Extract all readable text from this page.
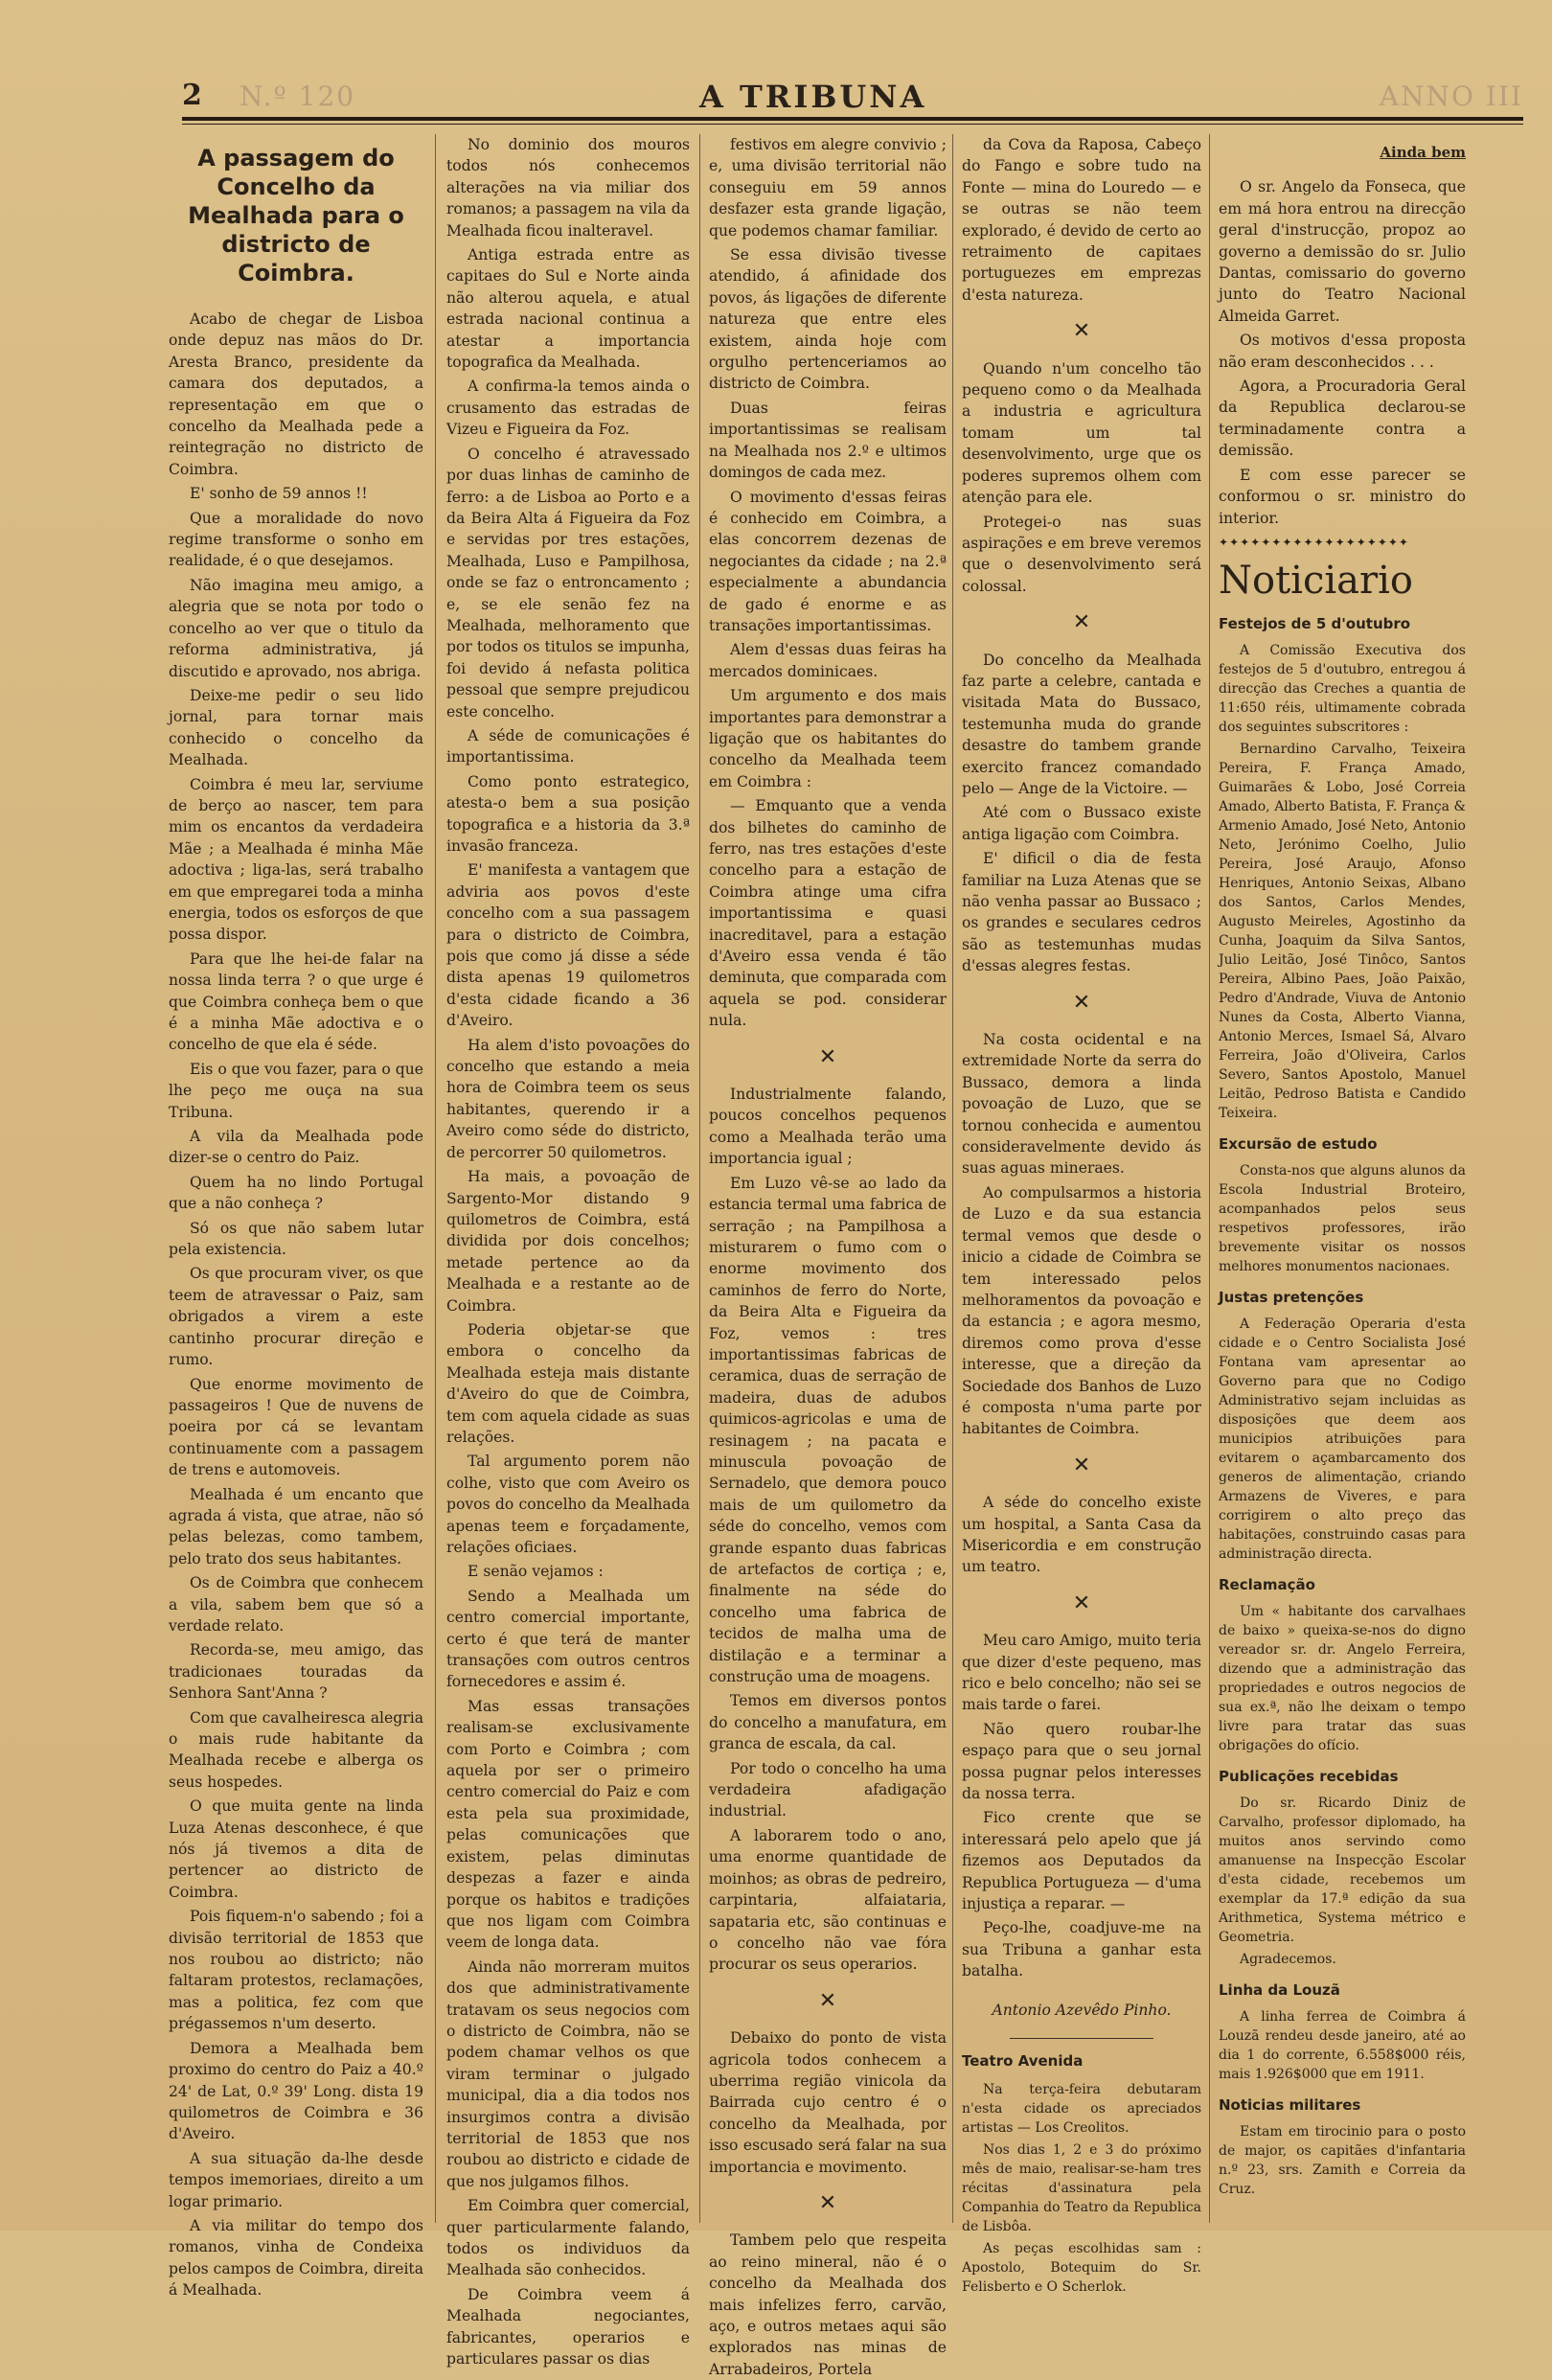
2 N.º 120	A TRIBUNA	ANNO III
A passagem do Concelho da Mealhada para o districto de Coimbra.

Acabo de chegar de Lisboa onde depuz nas mãos do Dr. Aresta Branco, presidente da camara dos deputados, a representação em que o concelho da Mealhada pede a reintegração no districto de Coimbra.

E' sonho de 59 annos !!

Que a moralidade do novo regime transforme o sonho em realidade, é o que desejamos.

Não imagina meu amigo, a alegria que se nota por todo o concelho ao ver que o titulo da reforma administrativa, já discutido e aprovado, nos abriga.

Deixe-me pedir o seu lido jornal, para tornar mais conhecido o concelho da Mealhada.

Coimbra é meu lar, serviume de berço ao nascer, tem para mim os encantos da verdadeira Mãe ; a Mealhada é minha Mãe adoctiva ; liga-las, será trabalho em que empregarei toda a minha energia, todos os esforços de que possa dispor.

Para que lhe hei-de falar na nossa linda terra ? o que urge é que Coimbra conheça bem o que é a minha Mãe adoctiva e o concelho de que ela é séde.

Eis o que vou fazer, para o que lhe peço me ouça na sua Tribuna.

A vila da Mealhada pode dizer-se o centro do Paiz.

Quem ha no lindo Portugal que a não conheça ?

Só os que não sabem lutar pela existencia.

Os que procuram viver, os que teem de atravessar o Paiz, sam obrigados a virem a este cantinho procurar direção e rumo.

Que enorme movimento de passageiros ! Que de nuvens de poeira por cá se levantam continuamente com a passagem de trens e automoveis.

Mealhada é um encanto que agrada á vista, que atrae, não só pelas belezas, como tambem, pelo trato dos seus habitantes.

Os de Coimbra que conhecem a vila, sabem bem que só a verdade relato.

Recorda-se, meu amigo, das tradicionaes touradas da Senhora Sant'Anna ?

Com que cavalheiresca alegria o mais rude habitante da Mealhada recebe e alberga os seus hospedes.

O que muita gente na linda Luza Atenas desconhece, é que nós já tivemos a dita de pertencer ao districto de Coimbra.

Pois fiquem-n'o sabendo ; foi a divisão territorial de 1853 que nos roubou ao districto; não faltaram protestos, reclamações, mas a politica, fez com que prégassemos n'um deserto.

Demora a Mealhada bem proximo do centro do Paiz a 40.º 24' de Lat, 0.º 39' Long. dista 19 quilometros de Coimbra e 36 d'Aveiro.

A sua situação da-lhe desde tempos imemoriaes, direito a um logar primario.

A via militar do tempo dos romanos, vinha de Condeixa pelos campos de Coimbra, direita á Mealhada.

No dominio dos mouros todos nós conhecemos alterações na via miliar dos romanos; a passagem na vila da Mealhada ficou inalteravel.

Antiga estrada entre as capitaes do Sul e Norte ainda não alterou aquela, e atual estrada nacional continua a atestar a importancia topografica da Mealhada.

A confirma-la temos ainda o crusamento das estradas de Vizeu e Figueira da Foz.

O concelho é atravessado por duas linhas de caminho de ferro: a de Lisboa ao Porto e a da Beira Alta á Figueira da Foz e servidas por tres estações, Mealhada, Luso e Pampilhosa, onde se faz o entroncamento ; e, se ele senão fez na Mealhada, melhoramento que por todos os titulos se impunha, foi devido á nefasta politica pessoal que sempre prejudicou este concelho.

A séde de comunicações é importantissima.

Como ponto estrategico, atesta-o bem a sua posição topografica e a historia da 3.ª invasão franceza.

E' manifesta a vantagem que adviria aos povos d'este concelho com a sua passagem para o districto de Coimbra, pois que como já disse a séde dista apenas 19 quilometros d'esta cidade ficando a 36 d'Aveiro.

Ha alem d'isto povoações do concelho que estando a meia hora de Coimbra teem os seus habitantes, querendo ir a Aveiro como séde do districto, de percorrer 50 quilometros.

Ha mais, a povoação de Sargento-Mor distando 9 quilometros de Coimbra, está dividida por dois concelhos; metade pertence ao da Mealhada e a restante ao de Coimbra.

Poderia objetar-se que embora o concelho da Mealhada esteja mais distante d'Aveiro do que de Coimbra, tem com aquela cidade as suas relações.

Tal argumento porem não colhe, visto que com Aveiro os povos do concelho da Mealhada apenas teem e forçadamente, relações oficiaes.

E senão vejamos :

Sendo a Mealhada um centro comercial importante, certo é que terá de manter transações com outros centros fornecedores e assim é.

Mas essas transações realisam-se exclusivamente com Porto e Coimbra ; com aquela por ser o primeiro centro comercial do Paiz e com esta pela sua proximidade, pelas comunicações que existem, pelas diminutas despezas a fazer e ainda porque os habitos e tradições que nos ligam com Coimbra veem de longa data.

Ainda não morreram muitos dos que administrativamente tratavam os seus negocios com o districto de Coimbra, não se podem chamar velhos os que viram terminar o julgado municipal, dia a dia todos nos insurgimos contra a divisão territorial de 1853 que nos roubou ao districto e cidade de que nos julgamos filhos.

Em Coimbra quer comercial, quer particularmente falando, todos os individuos da Mealhada são conhecidos.

De Coimbra veem á Mealhada negociantes, fabricantes, operarios e particulares passar os dias

festivos em alegre convivio ; e, uma divisão territorial não conseguiu em 59 annos desfazer esta grande ligação, que podemos chamar familiar.

Se essa divisão tivesse atendido, á afinidade dos povos, ás ligações de diferente natureza que entre eles existem, ainda hoje com orgulho pertenceriamos ao districto de Coimbra.

Duas feiras importantissimas se realisam na Mealhada nos 2.º e ultimos domingos de cada mez.

O movimento d'essas feiras é conhecido em Coimbra, a elas concorrem dezenas de negociantes da cidade ; na 2.ª especialmente a abundancia de gado é enorme e as transações importantissimas.

Alem d'essas duas feiras ha mercados dominicaes.

Um argumento e dos mais importantes para demonstrar a ligação que os habitantes do concelho da Mealhada teem em Coimbra :

— Emquanto que a venda dos bilhetes do caminho de ferro, nas tres estações d'este concelho para a estação de Coimbra atinge uma cifra importantissima e quasi inacreditavel, para a estação d'Aveiro essa venda é tão deminuta, que comparada com aquela se pod. considerar nula.

✕

Industrialmente falando, poucos concelhos pequenos como a Mealhada terão uma importancia igual ;

Em Luzo vê-se ao lado da estancia termal uma fabrica de serração ; na Pampilhosa a misturarem o fumo com o enorme movimento dos caminhos de ferro do Norte, da Beira Alta e Figueira da Foz, vemos : tres importantissimas fabricas de ceramica, duas de serração de madeira, duas de adubos quimicos-agricolas e uma de resinagem ; na pacata e minuscula povoação de Sernadelo, que demora pouco mais de um quilometro da séde do concelho, vemos com grande espanto duas fabricas de artefactos de cortiça ; e, finalmente na séde do concelho uma fabrica de tecidos de malha uma de distilação e a terminar a construção uma de moagens.

Temos em diversos pontos do concelho a manufatura, em granca de escala, da cal.

Por todo o concelho ha uma verdadeira afadigação industrial.

A laborarem todo o ano, uma enorme quantidade de moinhos; as obras de pedreiro, carpintaria, alfaiataria, sapataria etc, são continuas e o concelho não vae fóra procurar os seus operarios.

✕

Debaixo do ponto de vista agricola todos conhecem a uberrima região vinicola da Bairrada cujo centro é o concelho da Mealhada, por isso escusado será falar na sua importancia e movimento.

✕

Tambem pelo que respeita ao reino mineral, não é o concelho da Mealhada dos mais infelizes ferro, carvão, aço, e outros metaes aqui são explorados nas minas de Arrabadeiros, Portela

da Cova da Raposa, Cabeço do Fango e sobre tudo na Fonte — mina do Louredo — e se outras se não teem explorado, é devido de certo ao retraimento de capitaes portuguezes em emprezas d'esta natureza.

✕

Quando n'um concelho tão pequeno como o da Mealhada a industria e agricultura tomam um tal desenvolvimento, urge que os poderes supremos olhem com atenção para ele.

Protegei-o nas suas aspirações e em breve veremos que o desenvolvimento será colossal.

✕

Do concelho da Mealhada faz parte a celebre, cantada e visitada Mata do Bussaco, testemunha muda do grande desastre do tambem grande exercito francez comandado pelo — Ange de la Victoire. —

Até com o Bussaco existe antiga ligação com Coimbra.

E' dificil o dia de festa familiar na Luza Atenas que se não venha passar ao Bussaco ; os grandes e seculares cedros são as testemunhas mudas d'essas alegres festas.

✕

Na costa ocidental e na extremidade Norte da serra do Bussaco, demora a linda povoação de Luzo, que se tornou conhecida e aumentou consideravelmente devido ás suas aguas mineraes.

Ao compulsarmos a historia de Luzo e da sua estancia termal vemos que desde o inicio a cidade de Coimbra se tem interessado pelos melhoramentos da povoação e da estancia ; e agora mesmo, diremos como prova d'esse interesse, que a direção da Sociedade dos Banhos de Luzo é composta n'uma parte por habitantes de Coimbra.

✕

A séde do concelho existe um hospital, a Santa Casa da Misericordia e em construção um teatro.

✕

Meu caro Amigo, muito teria que dizer d'este pequeno, mas rico e belo concelho; não sei se mais tarde o farei.

Não quero roubar-lhe espaço para que o seu jornal possa pugnar pelos interesses da nossa terra.

Fico crente que se interessará pelo apelo que já fizemos aos Deputados da Republica Portugueza — d'uma injustiça a reparar. —

Peço-lhe, coadjuve-me na sua Tribuna a ganhar esta batalha.

Antonio Azevêdo Pinho.
Teatro Avenida

Na terça-feira debutaram n'esta cidade os apreciados artistas — Los Creolitos.

Nos dias 1, 2 e 3 do próximo mês de maio, realisar-se-ham tres récitas d'assinatura pela Companhia do Teatro da Republica de Lisbôa.

As peças escolhidas sam : Apostolo, Botequim do Sr. Felisberto e O Scherlok.

Ainda bem

O sr. Angelo da Fonseca, que em má hora entrou na direcção geral d'instrucção, propoz ao governo a demissão do sr. Julio Dantas, comissario do governo junto do Teatro Nacional Almeida Garret.

Os motivos d'essa proposta não eram desconhecidos . . .

Agora, a Procuradoria Geral da Republica declarou-se terminadamente contra a demissão.

E com esse parecer se conformou o sr. ministro do interior.

✦✦✦✦✦✦✦✦✦✦✦✦✦✦✦✦✦✦
Noticiario
Festejos de 5 d'outubro

A Comissão Executiva dos festejos de 5 d'outubro, entregou á direcção das Creches a quantia de 11:650 réis, ultimamente cobrada dos seguintes subscritores :

Bernardino Carvalho, Teixeira Pereira, F. França Amado, Guimarães & Lobo, José Correia Amado, Alberto Batista, F. França & Armenio Amado, José Neto, Antonio Neto, Jerónimo Coelho, Julio Pereira, José Araujo, Afonso Henriques, Antonio Seixas, Albano dos Santos, Carlos Mendes, Augusto Meireles, Agostinho da Cunha, Joaquim da Silva Santos, Julio Leitão, José Tinôco, Santos Pereira, Albino Paes, João Paixão, Pedro d'Andrade, Viuva de Antonio Nunes da Costa, Alberto Vianna, Antonio Merces, Ismael Sá, Alvaro Ferreira, João d'Oliveira, Carlos Severo, Santos Apostolo, Manuel Leitão, Pedroso Batista e Candido Teixeira.

Excursão de estudo

Consta-nos que alguns alunos da Escola Industrial Broteiro, acompanhados pelos seus respetivos professores, irão brevemente visitar os nossos melhores monumentos nacionaes.

Justas pretenções

A Federação Operaria d'esta cidade e o Centro Socialista José Fontana vam apresentar ao Governo para que no Codigo Administrativo sejam incluidas as disposições que deem aos municipios atribuições para evitarem o açambarcamento dos generos de alimentação, criando Armazens de Viveres, e para corrigirem o alto preço das habitações, construindo casas para administração directa.

Reclamação

Um « habitante dos carvalhaes de baixo » queixa-se-nos do digno vereador sr. dr. Angelo Ferreira, dizendo que a administração das propriedades e outros negocios de sua ex.ª, não lhe deixam o tempo livre para tratar das suas obrigações do ofício.

Publicações recebidas

Do sr. Ricardo Diniz de Carvalho, professor diplomado, ha muitos anos servindo como amanuense na Inspecção Escolar d'esta cidade, recebemos um exemplar da 17.ª edição da sua Arithmetica, Systema métrico e Geometria.

Agradecemos.

Linha da Louzã

A linha ferrea de Coimbra á Louzã rendeu desde janeiro, até ao dia 1 do corrente, 6.558$000 réis, mais 1.926$000 que em 1911.

Noticias militares

Estam em tirocinio para o posto de major, os capitães d'infantaria n.º 23, srs. Zamith e Correia da Cruz.
